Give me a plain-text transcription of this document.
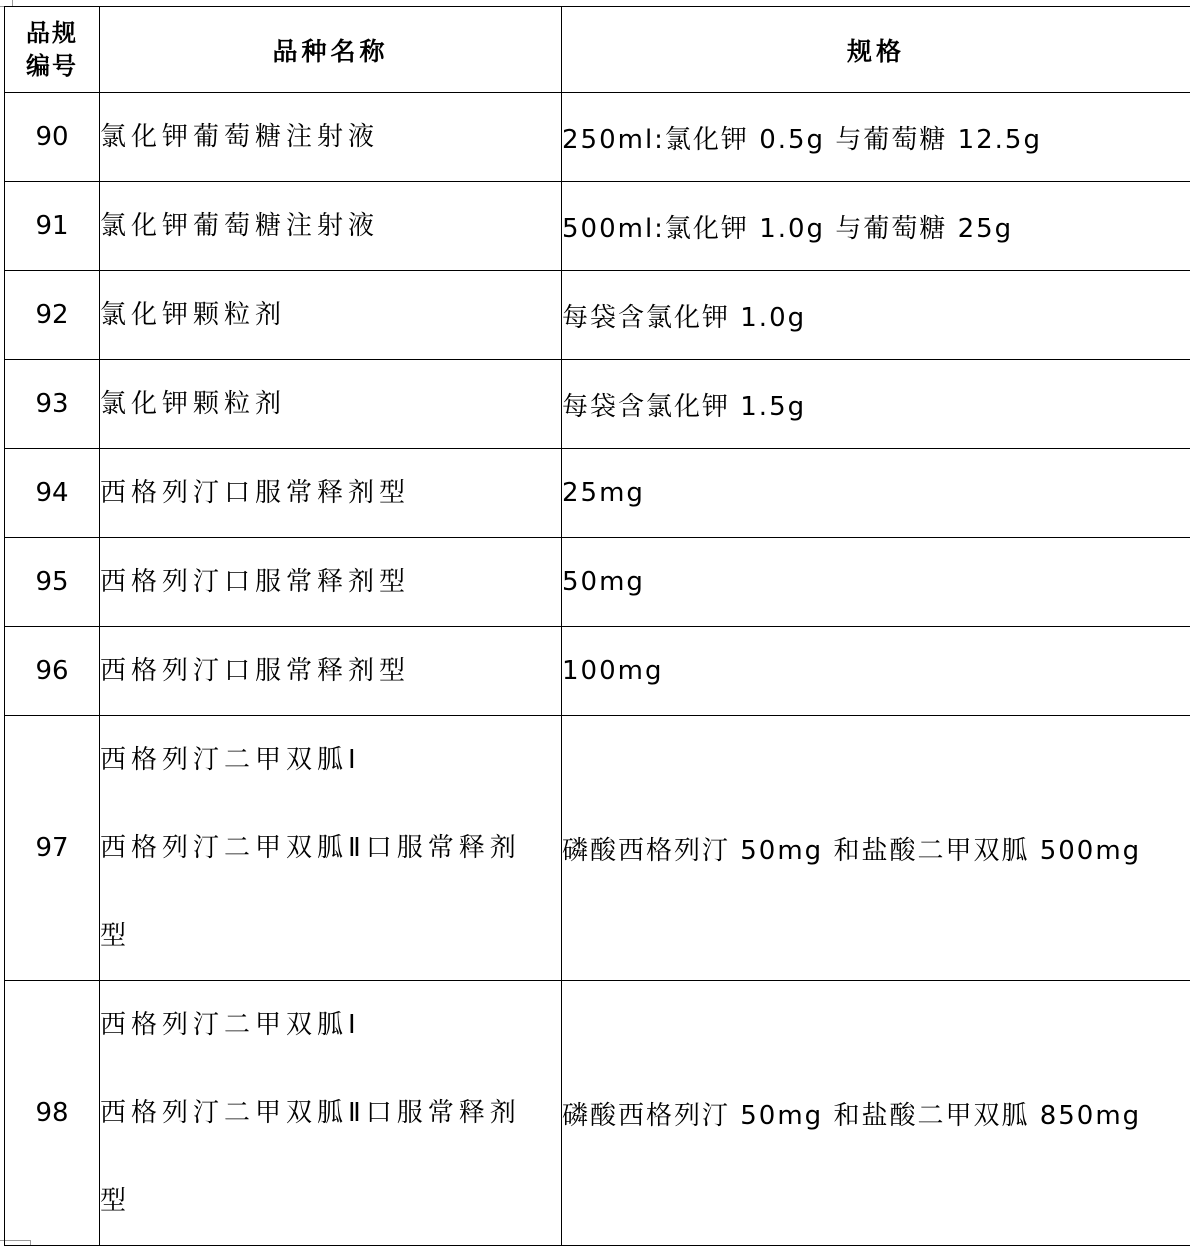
品规
编号	品种名称	规格
90	氯化钾葡萄糖注射液	250ml:氯化钾 0.5g 与葡萄糖 12.5g
91	氯化钾葡萄糖注射液	500ml:氯化钾 1.0g 与葡萄糖 25g
92	氯化钾颗粒剂	每袋含氯化钾 1.0g
93	氯化钾颗粒剂	每袋含氯化钾 1.5g
94	西格列汀口服常释剂型	25mg
95	西格列汀口服常释剂型	50mg
96	西格列汀口服常释剂型	100mg
97	西格列汀二甲双胍Ⅰ
西格列汀二甲双胍Ⅱ口服常释剂
型	磷酸西格列汀 50mg 和盐酸二甲双胍 500mg
98	西格列汀二甲双胍Ⅰ
西格列汀二甲双胍Ⅱ口服常释剂
型	磷酸西格列汀 50mg 和盐酸二甲双胍 850mg
